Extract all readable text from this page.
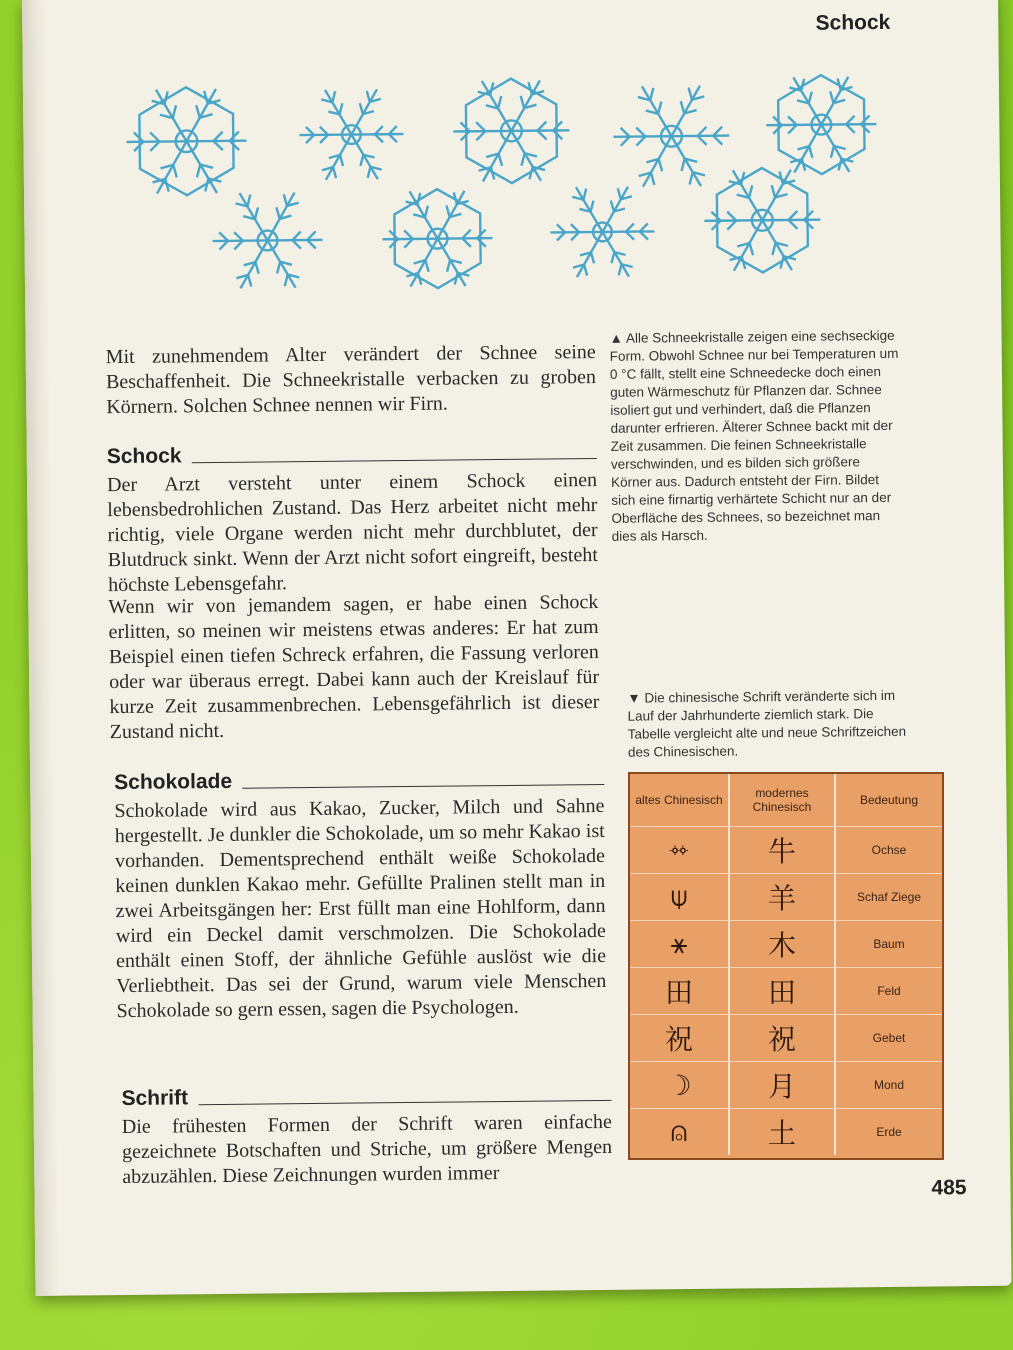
Schock
Mit zunehmendem Alter verändert der Schnee seine Beschaffenheit. Die Schneekristalle verbacken zu groben Körnern. Solchen Schnee nennen wir Firn.
Schock
Der Arzt versteht unter einem Schock einen lebensbedrohlichen Zustand. Das Herz arbeitet nicht mehr richtig, viele Organe werden nicht mehr durchblutet, der Blutdruck sinkt. Wenn der Arzt nicht sofort eingreift, besteht höchste Lebensgefahr.
Wenn wir von jemandem sagen, er habe einen Schock erlitten, so meinen wir meistens etwas anderes: Er hat zum Beispiel einen tiefen Schreck erfahren, die Fassung verloren oder war überaus erregt. Dabei kann auch der Kreislauf für kurze Zeit zusammenbrechen. Lebensgefährlich ist dieser Zustand nicht.
Schokolade
Schokolade wird aus Kakao, Zucker, Milch und Sahne hergestellt. Je dunkler die Schokolade, um so mehr Kakao ist vorhanden. Dementsprechend enthält weiße Schokolade keinen dunklen Kakao mehr. Gefüllte Pralinen stellt man in zwei Arbeitsgängen her: Erst füllt man eine Hohlform, dann wird ein Deckel damit verschmolzen. Die Schokolade enthält einen Stoff, der ähnliche Gefühle auslöst wie die Verliebtheit. Das sei der Grund, warum viele Menschen Schokolade so gern essen, sagen die Psychologen.
Schrift
Die frühesten Formen der Schrift waren einfache gezeichnete Botschaften und Striche, um größere Mengen abzuzählen. Diese Zeichnungen wurden immer
▲ Alle Schneekristalle zeigen eine sechseckige Form. Obwohl Schnee nur bei Temperaturen um 0 °C fällt, stellt eine Schneedecke doch einen guten Wärmeschutz für Pflanzen dar. Schnee isoliert gut und verhindert, daß die Pflanzen darunter erfrieren. Älterer Schnee backt mit der Zeit zusammen. Die feinen Schneekristalle verschwinden, und es bilden sich größere Körner aus. Dadurch entsteht der Firn. Bildet sich eine firnartig verhärtete Schicht nur an der Oberfläche des Schnees, so bezeichnet man dies als Harsch.
▼ Die chinesische Schrift veränderte sich im Lauf der Jahrhunderte ziemlich stark. Die Tabelle vergleicht alte und neue Schriftzeichen des Chinesischen.
485
altes Chinesisch	modernes Chinesisch	Bedeutung
𐄣	牛	Ochse
⍦	羊	Schaf Ziege
⚹	木	Baum
田	田	Feld
祝	祝	Gebet
☽	月	Mond
⍝	土	Erde
